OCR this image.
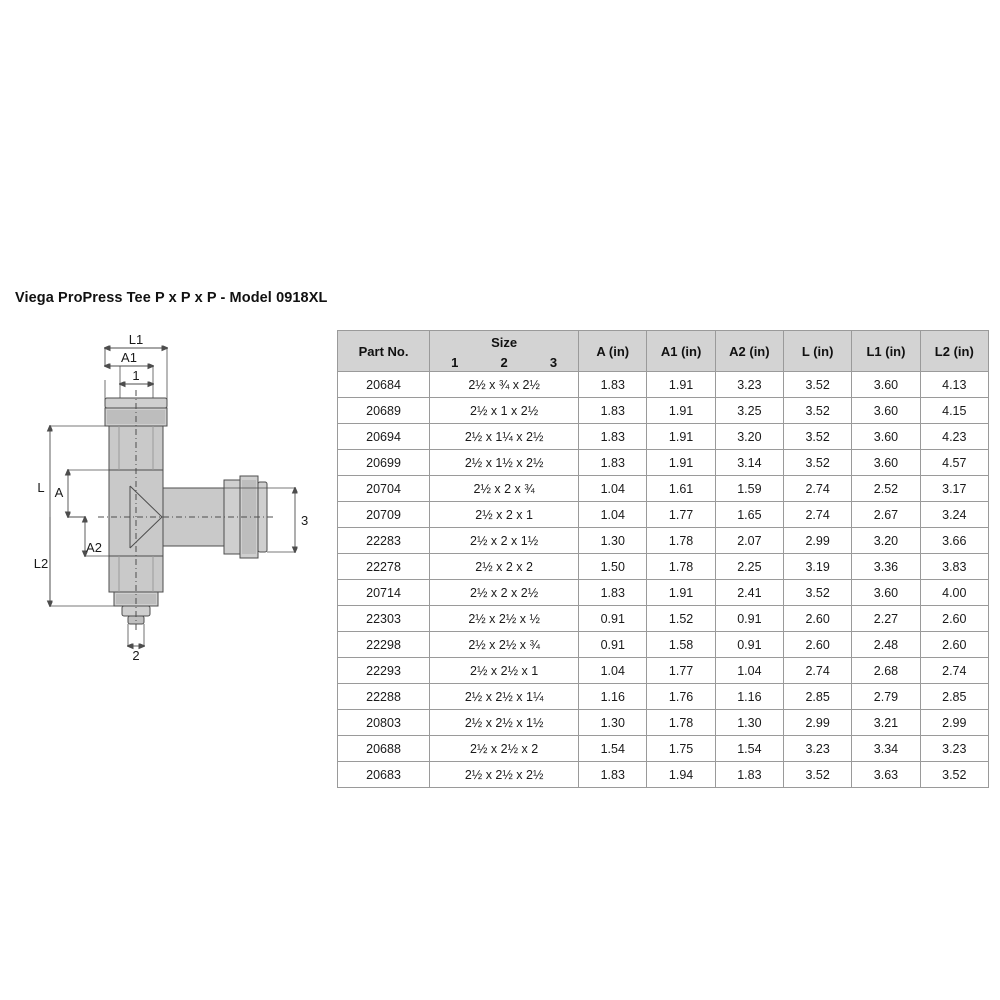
Viega ProPress Tee P x P x P - Model 0918XL
L1
A1
1
L A
3
A2
L2
2
Part No.	Size	A (in)	A1 (in)	A2 (in)	L (in)	L1 (in)	L2 (in)

	1 2 3						

20684	2½ x ¾ x 2½	1.83	1.91	3.23	3.52	3.60	4.13
20689	2½ x 1 x 2½	1.83	1.91	3.25	3.52	3.60	4.15
20694	2½ x 1¼ x 2½	1.83	1.91	3.20	3.52	3.60	4.23
20699	2½ x 1½ x 2½	1.83	1.91	3.14	3.52	3.60	4.57
20704	2½ x 2 x ¾	1.04	1.61	1.59	2.74	2.52	3.17
20709	2½ x 2 x 1	1.04	1.77	1.65	2.74	2.67	3.24
22283	2½ x 2 x 1½	1.30	1.78	2.07	2.99	3.20	3.66
22278	2½ x 2 x 2	1.50	1.78	2.25	3.19	3.36	3.83
20714	2½ x 2 x 2½	1.83	1.91	2.41	3.52	3.60	4.00
22303	2½ x 2½ x ½	0.91	1.52	0.91	2.60	2.27	2.60
22298	2½ x 2½ x ¾	0.91	1.58	0.91	2.60	2.48	2.60
22293	2½ x 2½ x 1	1.04	1.77	1.04	2.74	2.68	2.74
22288	2½ x 2½ x 1¼	1.16	1.76	1.16	2.85	2.79	2.85
20803	2½ x 2½ x 1½	1.30	1.78	1.30	2.99	3.21	2.99
20688	2½ x 2½ x 2	1.54	1.75	1.54	3.23	3.34	3.23
20683	2½ x 2½ x 2½	1.83	1.94	1.83	3.52	3.63	3.52
